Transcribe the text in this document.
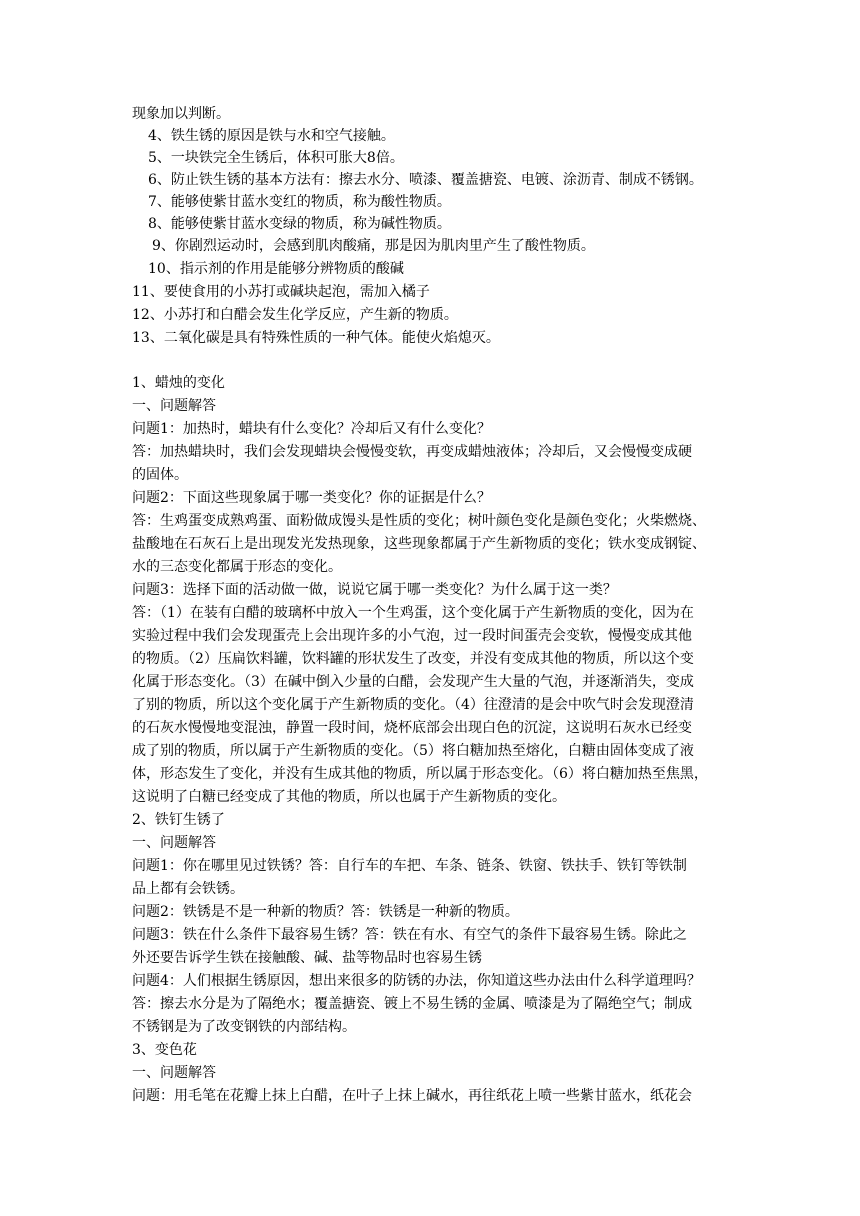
现象加以判断。
4、铁生锈的原因是铁与水和空气接触。
5、一块铁完全生锈后，体积可胀大8倍。
6、防止铁生锈的基本方法有：擦去水分、喷漆、覆盖搪瓷、电镀、涂沥青、制成不锈钢。
7、能够使紫甘蓝水变红的物质，称为酸性物质。
8、能够使紫甘蓝水变绿的物质，称为碱性物质。
9、你剧烈运动时，会感到肌肉酸痛，那是因为肌肉里产生了酸性物质。
10、指示剂的作用是能够分辨物质的酸碱
11、要使食用的小苏打或碱块起泡，需加入橘子
12、小苏打和白醋会发生化学反应，产生新的物质。
13、二氧化碳是具有特殊性质的一种气体。能使火焰熄灭。
1、蜡烛的变化
一、问题解答
问题1：加热时，蜡块有什么变化？冷却后又有什么变化？
答：加热蜡块时，我们会发现蜡块会慢慢变软，再变成蜡烛液体；冷却后，又会慢慢变成硬
的固体。
问题2：下面这些现象属于哪一类变化？你的证据是什么？
答：生鸡蛋变成熟鸡蛋、面粉做成馒头是性质的变化；树叶颜色变化是颜色变化；火柴燃烧、
盐酸地在石灰石上是出现发光发热现象，这些现象都属于产生新物质的变化；铁水变成钢锭、
水的三态变化都属于形态的变化。
问题3：选择下面的活动做一做，说说它属于哪一类变化？为什么属于这一类？
答：（1）在装有白醋的玻璃杯中放入一个生鸡蛋，这个变化属于产生新物质的变化，因为在
实验过程中我们会发现蛋壳上会出现许多的小气泡，过一段时间蛋壳会变软，慢慢变成其他
的物质。（2）压扁饮料罐，饮料罐的形状发生了改变，并没有变成其他的物质，所以这个变
化属于形态变化。（3）在碱中倒入少量的白醋，会发现产生大量的气泡，并逐渐消失，变成
了别的物质，所以这个变化属于产生新物质的变化。（4）往澄清的是会中吹气时会发现澄清
的石灰水慢慢地变混浊，静置一段时间，烧杯底部会出现白色的沉淀，这说明石灰水已经变
成了别的物质，所以属于产生新物质的变化。（5）将白糖加热至熔化，白糖由固体变成了液
体，形态发生了变化，并没有生成其他的物质，所以属于形态变化。（6）将白糖加热至焦黑，
这说明了白糖已经变成了其他的物质，所以也属于产生新物质的变化。
2、铁钉生锈了
一、问题解答
问题1：你在哪里见过铁锈？答：自行车的车把、车条、链条、铁窗、铁扶手、铁钉等铁制
品上都有会铁锈。
问题2：铁锈是不是一种新的物质？答：铁锈是一种新的物质。
问题3：铁在什么条件下最容易生锈？答：铁在有水、有空气的条件下最容易生锈。除此之
外还要告诉学生铁在接触酸、碱、盐等物品时也容易生锈
问题4：人们根据生锈原因，想出来很多的防锈的办法，你知道这些办法由什么科学道理吗？
答：擦去水分是为了隔绝水；覆盖搪瓷、镀上不易生锈的金属、喷漆是为了隔绝空气；制成
不锈钢是为了改变钢铁的内部结构。
3、变色花
一、问题解答
问题：用毛笔在花瓣上抹上白醋，在叶子上抹上碱水，再往纸花上喷一些紫甘蓝水，纸花会
